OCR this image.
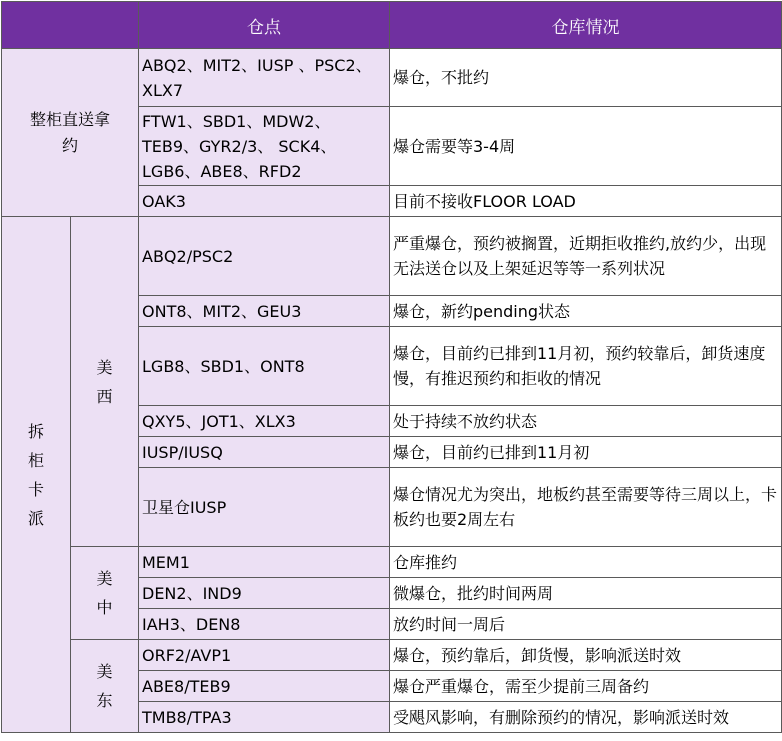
		仓点	仓库情况

整柜直送拿约		ABQ2、MIT2、IUSP 、PSC2、XLX7	爆仓，不批约
		FTW1、SBD1、MDW2、TEB9、GYR2/3、 SCK4、LGB6、ABE8、RFD2	爆仓需要等3-4周
		OAK3	目前不接收FLOOR LOAD

拆柜卡派	美西	ABQ2/PSC2	严重爆仓，预约被搁置，近期拒收推约,放约少，出现无法送仓以及上架延迟等等一系列状况
		ONT8、MIT2、GEU3	爆仓，新约pending状态
		LGB8、SBD1、ONT8	爆仓，目前约已排到11月初，预约较靠后，卸货速度慢，有推迟预约和拒收的情况
		QXY5、JOT1、XLX3	处于持续不放约状态
		IUSP/IUSQ	爆仓，目前约已排到11月初
		卫星仓IUSP	爆仓情况尤为突出，地板约甚至需要等待三周以上，卡板约也要2周左右

	美中	MEM1	仓库推约
		DEN2、IND9	微爆仓，批约时间两周
		IAH3、DEN8	放约时间一周后

	美东	ORF2/AVP1	爆仓，预约靠后，卸货慢，影响派送时效
		ABE8/TEB9	爆仓严重爆仓，需至少提前三周备约
		TMB8/TPA3	受飓风影响，有删除预约的情况，影响派送时效
